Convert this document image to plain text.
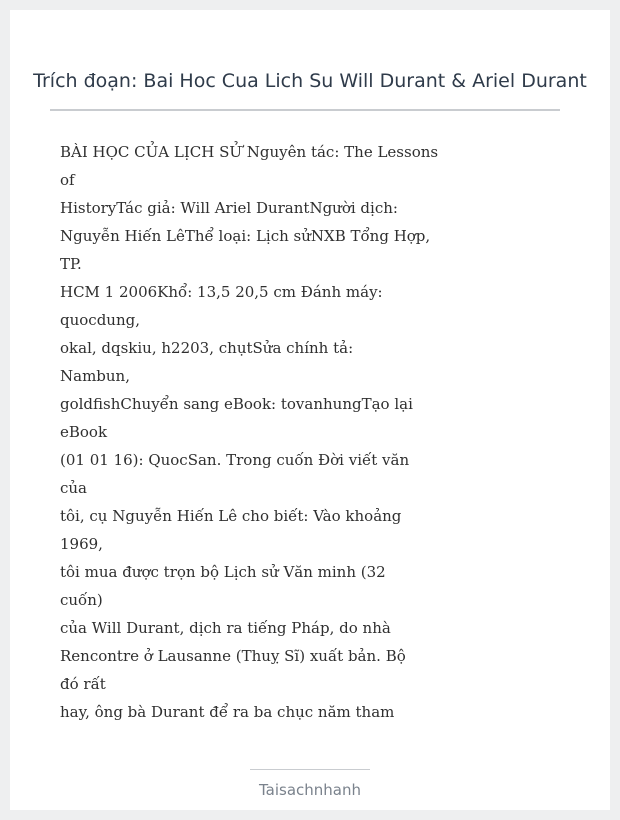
Trích đoạn: Bai Hoc Cua Lich Su Will Durant & Ariel Durant
BÀI HỌC CỦA LỊCH SỬ Nguyên tác: The Lessons
of
HistoryTác giả: Will Ariel DurantNgười dịch:
Nguyễn Hiến LêThể loại: Lịch sửNXB Tổng Hợp,
TP.
HCM 1 2006Khổ: 13,5 20,5 cm Đánh máy:
quocdung,
okal, dqskiu, h2203, chụtSửa chính tả:
Nambun,
goldfishChuyển sang eBook: tovanhungTạo lại
eBook
(01 01 16): QuocSan. Trong cuốn Đời viết văn
của
tôi, cụ Nguyễn Hiến Lê cho biết: Vào khoảng
1969,
tôi mua được trọn bộ Lịch sử Văn minh (32
cuốn)
của Will Durant, dịch ra tiếng Pháp, do nhà
Rencontre ở Lausanne (Thuỵ Sĩ) xuất bản. Bộ
đó rất
hay, ông bà Durant để ra ba chục năm tham
Taisachnhanh
